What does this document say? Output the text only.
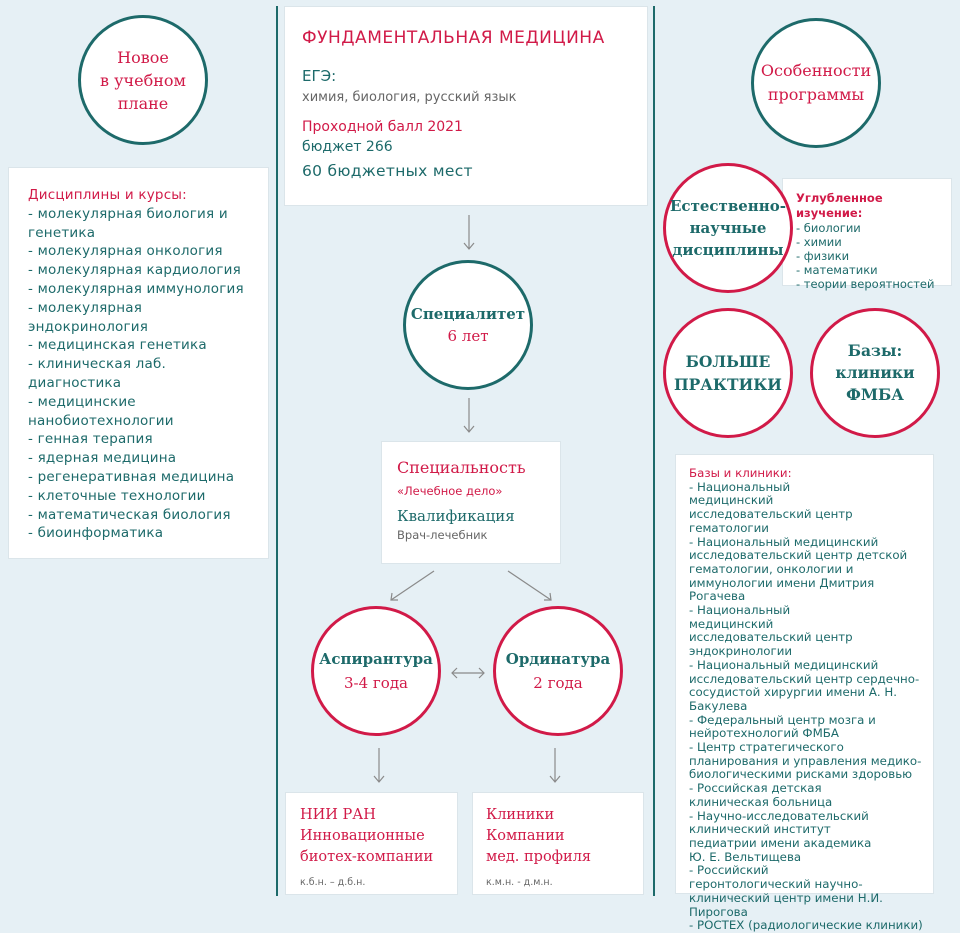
Новое
в учебном
плане
Дисциплины и курсы:
- молекулярная биология и генетика
- молекулярная онкология
- молекулярная кардиология
- молекулярная иммунология
- молекулярная эндокринология
- медицинская генетика
- клиническая лаб. диагностика
- медицинские нанобиотехнологии
- генная терапия
- ядерная медицина
- регенеративная медицина
- клеточные технологии
- математическая биология
- биоинформатика
ФУНДАМЕНТАЛЬНАЯ МЕДИЦИНА
ЕГЭ:
химия, биология, русский язык
Проходной балл 2021
бюджет 266
60 бюджетных мест
Специалитет
6 лет
Специальность
«Лечебное дело»
Квалификация
Врач-лечебник
Аспирантура
3-4 года
Ординатура
2 года
НИИ РАН
Инновационные
биотех-компании
к.б.н. – д.б.н.
Клиники
Компании
мед. профиля
к.м.н. - д.м.н.
Особенности
программы
Углубленное изучение:
- биологии
- химии
- физики
- математики
- теории вероятностей
Естественно-
научные
дисциплины
БОЛЬШЕ
ПРАКТИКИ
Базы:
клиники
ФМБА
Базы и клиники:
- Национальный медицинский исследовательский центр гематологии
- Национальный медицинский исследовательский центр детской гематологии, онкологии и иммунологии имени Дмитрия Рогачева
- Национальный медицинский исследовательский центр эндокринологии
- Национальный медицинский исследовательский центр сердечно-сосудистой хирургии имени А. Н. Бакулева
- Федеральный центр мозга и нейротехнологий ФМБА
- Центр стратегического планирования и управления медико-биологическими рисками здоровью
- Российская детская клиническая больница
- Научно-исследовательский клинический институт педиатрии имени академика Ю. Е. Вельтищева
- Российский геронтологический научно-клинический центр имени Н.И. Пирогова
- РОСТЕХ (радиологические клиники)
